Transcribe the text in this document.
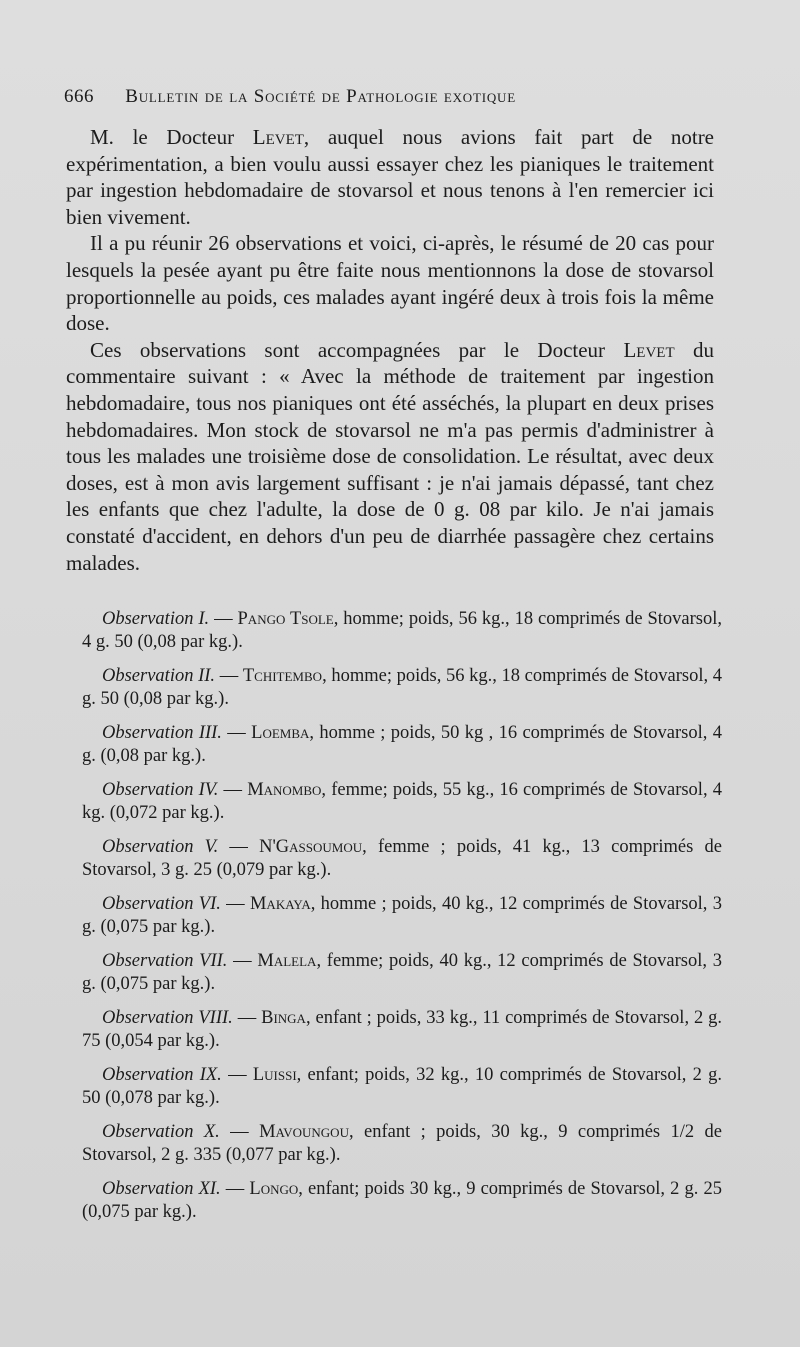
666 Bulletin de la Société de Pathologie exotique

M. le Docteur Levet, auquel nous avions fait part de notre expérimentation, a bien voulu aussi essayer chez les pianiques le traitement par ingestion hebdomadaire de stovarsol et nous tenons à l'en remercier ici bien vivement.

Il a pu réunir 26 observations et voici, ci-après, le résumé de 20 cas pour lesquels la pesée ayant pu être faite nous mentionnons la dose de stovarsol proportionnelle au poids, ces malades ayant ingéré deux à trois fois la même dose.

Ces observations sont accompagnées par le Docteur Levet du commentaire suivant : « Avec la méthode de traitement par ingestion hebdomadaire, tous nos pianiques ont été asséchés, la plupart en deux prises hebdomadaires. Mon stock de stovarsol ne m'a pas permis d'administrer à tous les malades une troisième dose de consolidation. Le résultat, avec deux doses, est à mon avis largement suffisant : je n'ai jamais dépassé, tant chez les enfants que chez l'adulte, la dose de 0 g. 08 par kilo. Je n'ai jamais constaté d'accident, en dehors d'un peu de diarrhée passagère chez certains malades.

Observation I. — Pango Tsole, homme; poids, 56 kg., 18 comprimés de Stovarsol, 4 g. 50 (0,08 par kg.).

Observation II. — Tchitembo, homme; poids, 56 kg., 18 comprimés de Stovarsol, 4 g. 50 (0,08 par kg.).

Observation III. — Loemba, homme ; poids, 50 kg , 16 comprimés de Stovarsol, 4 g. (0,08 par kg.).

Observation IV. — Manombo, femme; poids, 55 kg., 16 comprimés de Stovarsol, 4 kg. (0,072 par kg.).

Observation V. — N'Gassoumou, femme ; poids, 41 kg., 13 comprimés de Stovarsol, 3 g. 25 (0,079 par kg.).

Observation VI. — Makaya, homme ; poids, 40 kg., 12 comprimés de Stovarsol, 3 g. (0,075 par kg.).

Observation VII. — Malela, femme; poids, 40 kg., 12 comprimés de Stovarsol, 3 g. (0,075 par kg.).

Observation VIII. — Binga, enfant ; poids, 33 kg., 11 comprimés de Stovarsol, 2 g. 75 (0,054 par kg.).

Observation IX. — Luissi, enfant; poids, 32 kg., 10 comprimés de Stovarsol, 2 g. 50 (0,078 par kg.).

Observation X. — Mavoungou, enfant ; poids, 30 kg., 9 comprimés 1/2 de Stovarsol, 2 g. 335 (0,077 par kg.).

Observation XI. — Longo, enfant; poids 30 kg., 9 comprimés de Stovarsol, 2 g. 25 (0,075 par kg.).
